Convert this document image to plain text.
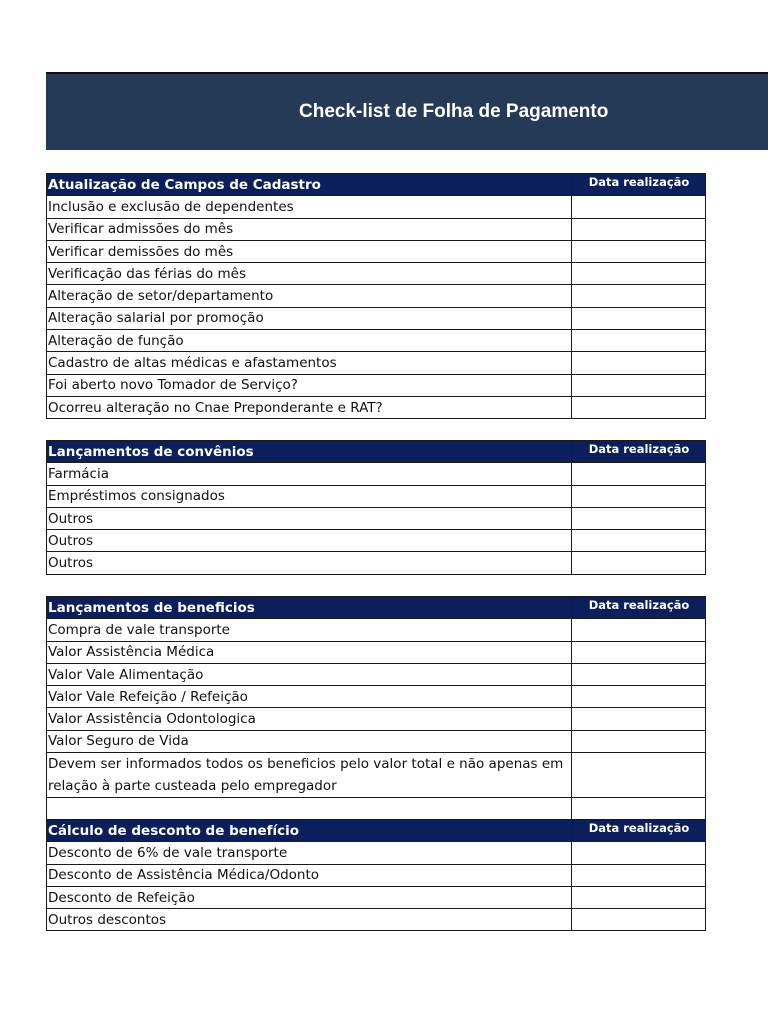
Check-list de Folha de Pagamento
Atualização de Campos de Cadastro	Data realização
Inclusão e exclusão de dependentes	
Verificar admissões do mês	
Verificar demissões do mês	
Verificação das férias do mês	
Alteração de setor/departamento	
Alteração salarial por promoção	
Alteração de função	
Cadastro de altas médicas e afastamentos	
Foi aberto novo Tomador de Serviço?	
Ocorreu alteração no Cnae Preponderante e RAT?	
Lançamentos de convênios	Data realização
Farmácia	
Empréstimos consignados	
Outros	
Outros	
Outros	
Lançamentos de beneficios	Data realização
Compra de vale transporte	
Valor Assistência Médica	
Valor Vale Alimentação	
Valor Vale Refeição / Refeição	
Valor Assistência Odontologica	
Valor Seguro de Vida	
Devem ser informados todos os beneficios pelo valor total e não apenas em relação à parte custeada pelo empregador	

Cálculo de desconto de benefício	Data realização
Desconto de 6% de vale transporte	
Desconto de Assistência Médica/Odonto	
Desconto de Refeição	
Outros descontos	
